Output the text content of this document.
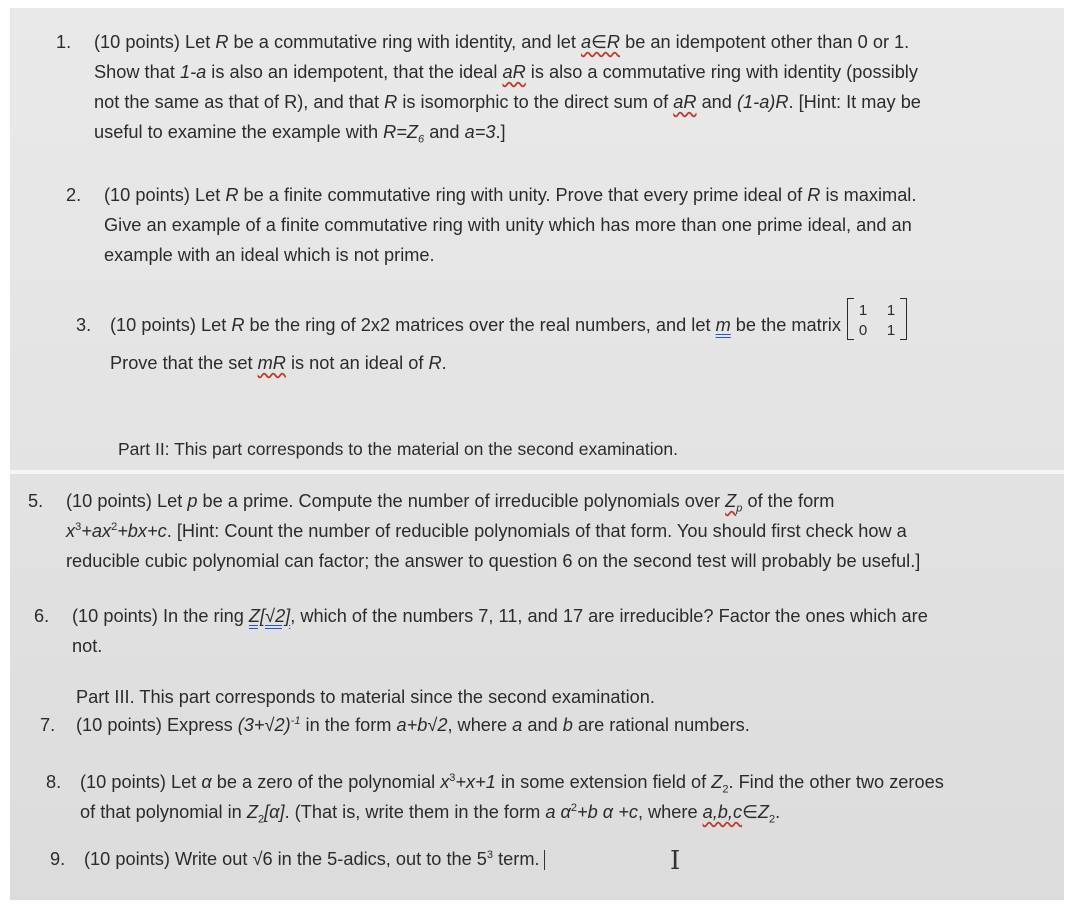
1. (10 points) Let R be a commutative ring with identity, and let a∈R be an idempotent other than 0 or 1.
Show that 1-a is also an idempotent, that the ideal aR is also a commutative ring with identity (possibly
not the same as that of R), and that R is isomorphic to the direct sum of aR and (1-a)R. [Hint: It may be
useful to examine the example with $R=Z_6$ and a=3.]
2. (10 points) Let R be a finite commutative ring with unity. Prove that every prime ideal of R is maximal.
Give an example of a finite commutative ring with unity which has more than one prime ideal, and an
example with an ideal which is not prime.
3. (10 points) Let R be the ring of 2x2 matrices over the real numbers, and let m be the matrix
1 1
0 1
Prove that the set mR is not an ideal of R.
Part II: This part corresponds to the material on the second examination.
5. (10 points) Let p be a prime. Compute the number of irreducible polynomials over $Z_p$ of the form
$x^3+ax^2+bx+c$. [Hint: Count the number of reducible polynomials of that form. You should first check how a
reducible cubic polynomial can factor; the answer to question 6 on the second test will probably be useful.]
6. (10 points) In the ring Z[√2], which of the numbers 7, 11, and 17 are irreducible? Factor the ones which are
not.
Part III. This part corresponds to material since the second examination.
7. (10 points) Express $(3+√2)^{-1}$ in the form a+b√2, where a and b are rational numbers.
8. (10 points) Let α be a zero of the polynomial $x^3+x+1$ in some extension field of $Z_2$. Find the other two zeroes
of that polynomial in $Z_2[\alpha]$. (That is, write them in the form a $\alpha^2+b$ α +c, where $a,b,c\in Z_2$.
9. (10 points) Write out √6 in the 5-adics, out to the $5^3$ term.	I
